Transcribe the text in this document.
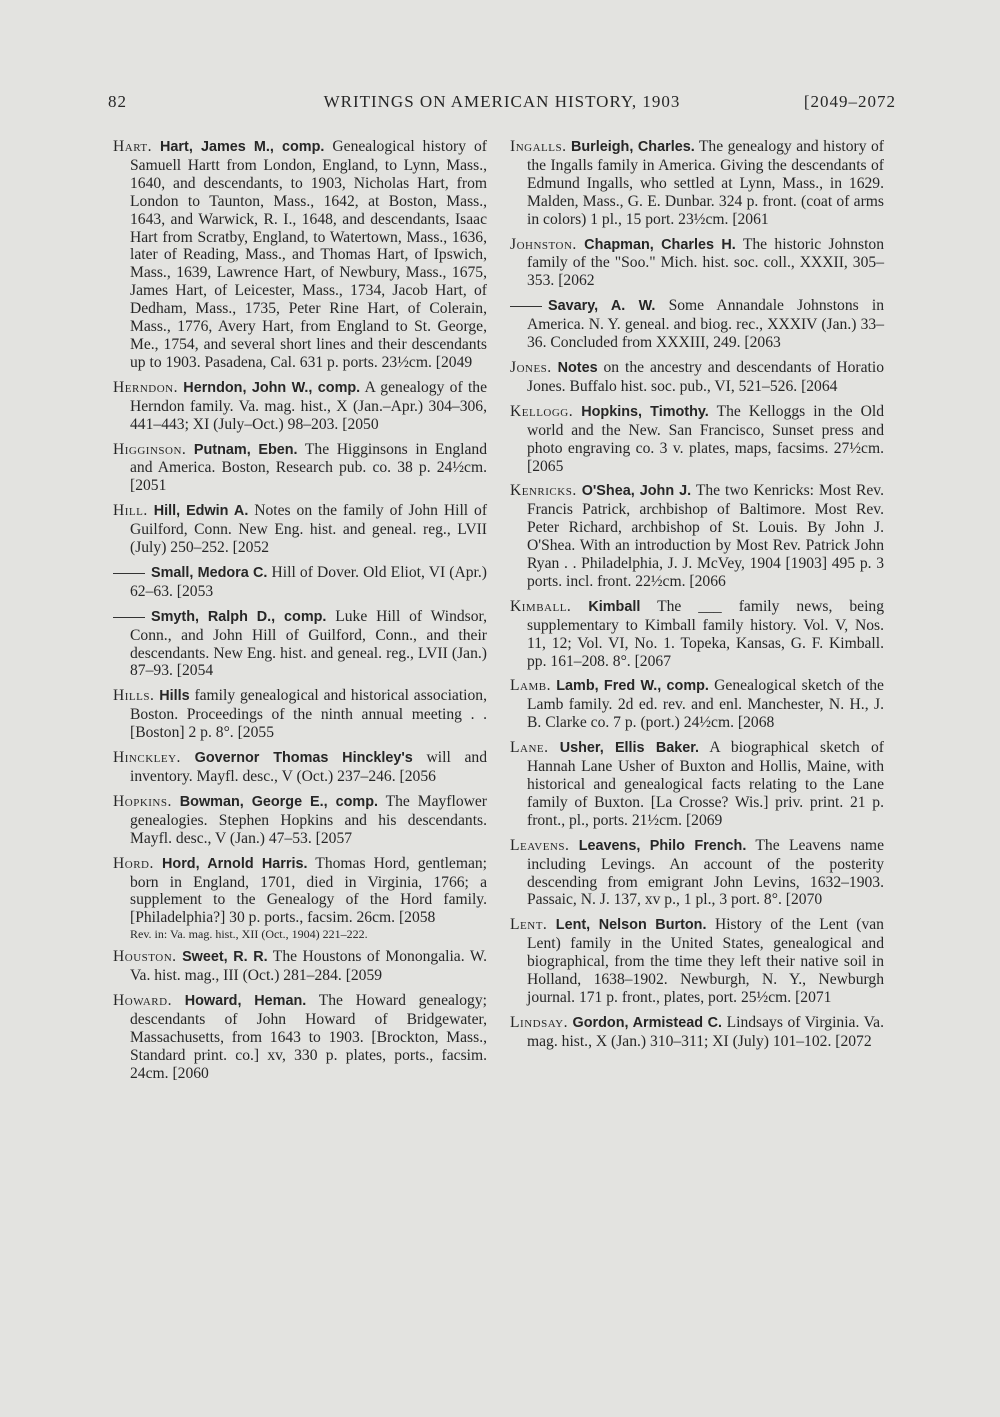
82	WRITINGS ON AMERICAN HISTORY, 1903	[2049–2072

Hart. Hart, James M., comp. Genealogical history of Samuell Hartt from London, England, to Lynn, Mass., 1640, and descendants, to 1903, Nicholas Hart, from London to Taunton, Mass., 1642, at Boston, Mass., 1643, and Warwick, R. I., 1648, and descendants, Isaac Hart from Scratby, England, to Watertown, Mass., 1636, later of Reading, Mass., and Thomas Hart, of Ipswich, Mass., 1639, Lawrence Hart, of Newbury, Mass., 1675, James Hart, of Leicester, Mass., 1734, Jacob Hart, of Dedham, Mass., 1735, Peter Rine Hart, of Colerain, Mass., 1776, Avery Hart, from England to St. George, Me., 1754, and several short lines and their descendants up to 1903. Pasadena, Cal. 631 p. ports. 23½cm. [2049

Herndon. Herndon, John W., comp. A genealogy of the Herndon family. Va. mag. hist., X (Jan.–Apr.) 304–306, 441–443; XI (July–Oct.) 98–203. [2050

Higginson. Putnam, Eben. The Higginsons in England and America. Boston, Research pub. co. 38 p. 24½cm. [2051

Hill. Hill, Edwin A. Notes on the family of John Hill of Guilford, Conn. New Eng. hist. and geneal. reg., LVII (July) 250–252. [2052

Small, Medora C. Hill of Dover. Old Eliot, VI (Apr.) 62–63. [2053

Smyth, Ralph D., comp. Luke Hill of Windsor, Conn., and John Hill of Guilford, Conn., and their descendants. New Eng. hist. and geneal. reg., LVII (Jan.) 87–93. [2054

Hills. Hills family genealogical and historical association, Boston. Proceedings of the ninth annual meeting . . [Boston] 2 p. 8°. [2055

Hinckley. Governor Thomas Hinckley's will and inventory. Mayfl. desc., V (Oct.) 237–246. [2056

Hopkins. Bowman, George E., comp. The Mayflower genealogies. Stephen Hopkins and his descendants. Mayfl. desc., V (Jan.) 47–53. [2057

Hord. Hord, Arnold Harris. Thomas Hord, gentleman; born in England, 1701, died in Virginia, 1766; a supplement to the Genealogy of the Hord family. [Philadelphia?] 30 p. ports., facsim. 26cm. [2058
Rev. in: Va. mag. hist., XII (Oct., 1904) 221–222.

Houston. Sweet, R. R. The Houstons of Monongalia. W. Va. hist. mag., III (Oct.) 281–284. [2059

Howard. Howard, Heman. The Howard genealogy; descendants of John Howard of Bridgewater, Massachusetts, from 1643 to 1903. [Brockton, Mass., Standard print. co.] xv, 330 p. plates, ports., facsim. 24cm. [2060

Ingalls. Burleigh, Charles. The genealogy and history of the Ingalls family in America. Giving the descendants of Edmund Ingalls, who settled at Lynn, Mass., in 1629. Malden, Mass., G. E. Dunbar. 324 p. front. (coat of arms in colors) 1 pl., 15 port. 23½cm. [2061

Johnston. Chapman, Charles H. The historic Johnston family of the "Soo." Mich. hist. soc. coll., XXXII, 305–353. [2062

Savary, A. W. Some Annandale Johnstons in America. N. Y. geneal. and biog. rec., XXXIV (Jan.) 33–36. Concluded from XXXIII, 249. [2063

Jones. Notes on the ancestry and descendants of Horatio Jones. Buffalo hist. soc. pub., VI, 521–526. [2064

Kellogg. Hopkins, Timothy. The Kelloggs in the Old world and the New. San Francisco, Sunset press and photo engraving co. 3 v. plates, maps, facsims. 27½cm. [2065

Kenricks. O'Shea, John J. The two Kenricks: Most Rev. Francis Patrick, archbishop of Baltimore. Most Rev. Peter Richard, archbishop of St. Louis. By John J. O'Shea. With an introduction by Most Rev. Patrick John Ryan . . Philadelphia, J. J. McVey, 1904 [1903] 495 p. 3 ports. incl. front. 22½cm. [2066

Kimball. Kimball The ___ family news, being supplementary to Kimball family history. Vol. V, Nos. 11, 12; Vol. VI, No. 1. Topeka, Kansas, G. F. Kimball. pp. 161–208. 8°. [2067

Lamb. Lamb, Fred W., comp. Genealogical sketch of the Lamb family. 2d ed. rev. and enl. Manchester, N. H., J. B. Clarke co. 7 p. (port.) 24½cm. [2068

Lane. Usher, Ellis Baker. A biographical sketch of Hannah Lane Usher of Buxton and Hollis, Maine, with historical and genealogical facts relating to the Lane family of Buxton. [La Crosse? Wis.] priv. print. 21 p. front., pl., ports. 21½cm. [2069

Leavens. Leavens, Philo French. The Leavens name including Levings. An account of the posterity descending from emigrant John Levins, 1632–1903. Passaic, N. J. 137, xv p., 1 pl., 3 port. 8°. [2070

Lent. Lent, Nelson Burton. History of the Lent (van Lent) family in the United States, genealogical and biographical, from the time they left their native soil in Holland, 1638–1902. Newburgh, N. Y., Newburgh journal. 171 p. front., plates, port. 25½cm. [2071

Lindsay. Gordon, Armistead C. Lindsays of Virginia. Va. mag. hist., X (Jan.) 310–311; XI (July) 101–102. [2072
